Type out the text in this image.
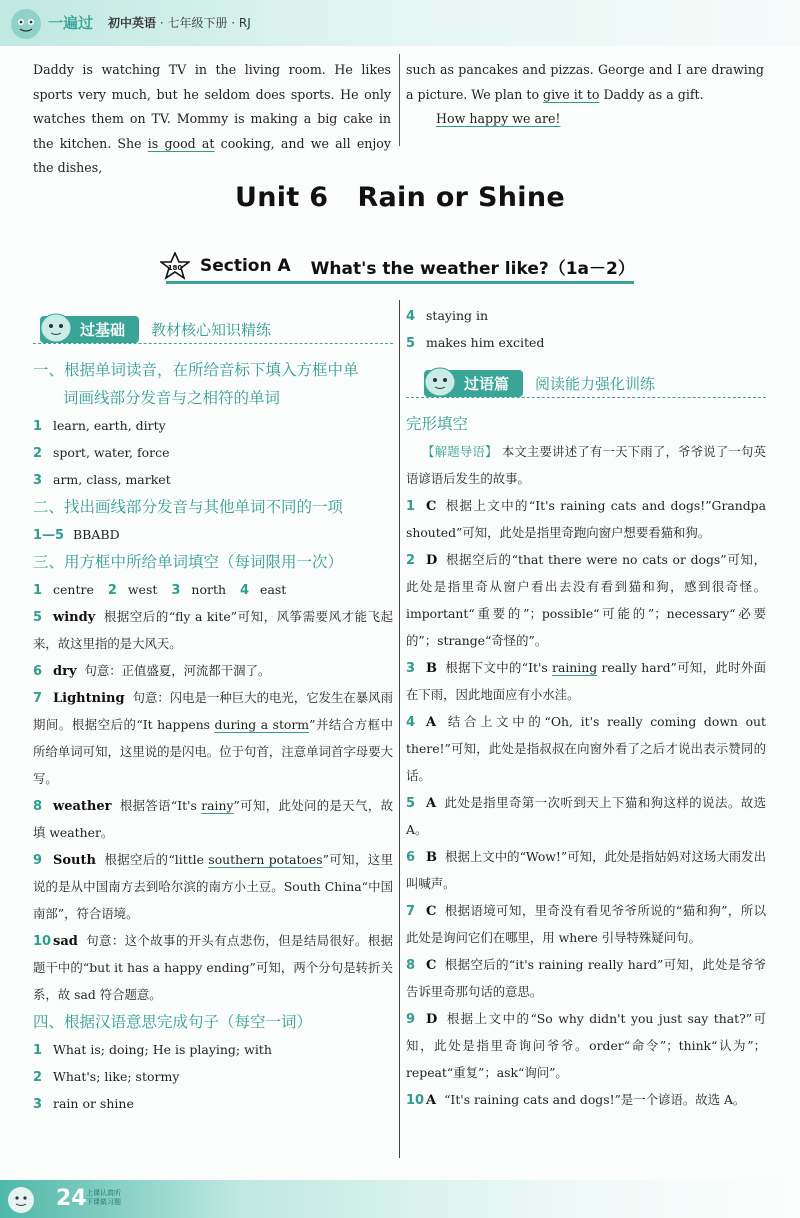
一遍过 初中英语 · 七年级下册 · RJ
Daddy is watching TV in the living room. He likes sports very much, but he seldom does sports. He only watches them on TV. Mommy is making a big cake in the kitchen. She is good at cooking, and we all enjoy the dishes,
such as pancakes and pizzas. George and I are drawing a picture. We plan to give it to Daddy as a gift.
How happy we are!
Unit 6   Rain or Shine
180 Section A What's the weather like?（1a－2）
过基础	教材核心知识精练
一、根据单词读音，在所给音标下填入方框中单
词画线部分发音与之相符的单词
1 learn, earth, dirty
2 sport, water, force
3 arm, class, market
二、找出画线部分发音与其他单词不同的一项
1—5 BBABD
三、用方框中所给单词填空（每词限用一次）
1 centre 2 west 3 north 4 east
5 windy 根据空后的“fly a kite”可知，风筝需要风才能飞起来，故这里指的是大风天。
6 dry 句意：正值盛夏，河流都干涸了。
7 Lightning 句意：闪电是一种巨大的电光，它发生在暴风雨期间。根据空后的“It happens during a storm”并结合方框中所给单词可知，这里说的是闪电。位于句首，注意单词首字母要大写。
8 weather 根据答语“It's rainy”可知，此处问的是天气，故填 weather。
9 South 根据空后的“little southern potatoes”可知，这里说的是从中国南方去到哈尔滨的南方小土豆。South China“中国南部”，符合语境。
10 sad 句意：这个故事的开头有点悲伤，但是结局很好。根据题干中的“but it has a happy ending”可知，两个分句是转折关系，故 sad 符合题意。
四、根据汉语意思完成句子（每空一词）
1 What is; doing; He is playing; with
2 What's; like; stormy
3 rain or shine
4 staying in
5 makes him excited
过语篇	阅读能力强化训练
完形填空
【解题导语】 本文主要讲述了有一天下雨了，爷爷说了一句英语谚语后发生的故事。
1 C 根据上文中的“It's raining cats and dogs!”Grandpa shouted”可知，此处是指里奇跑向窗户想要看猫和狗。
2 D 根据空后的“that there were no cats or dogs”可知，此处是指里奇从窗户看出去没有看到猫和狗，感到很奇怪。important“重要的”；possible“可能的”；necessary“必要的”；strange“奇怪的”。
3 B 根据下文中的“It's raining really hard”可知，此时外面在下雨，因此地面应有小水洼。
4 A 结合上文中的“Oh, it's really coming down out there!”可知，此处是指叔叔在向窗外看了之后才说出表示赞同的话。
5 A 此处是指里奇第一次听到天上下猫和狗这样的说法。故选 A。
6 B 根据上文中的“Wow!”可知，此处是指姑妈对这场大雨发出叫喊声。
7 C 根据语境可知，里奇没有看见爷爷所说的“猫和狗”，所以此处是询问它们在哪里，用 where 引导特殊疑问句。
8 C 根据空后的“it's raining really hard”可知，此处是爷爷告诉里奇那句话的意思。
9 D 根据上文中的“So why didn't you just say that?”可知，此处是指里奇询问爷爷。order“命令”；think“认为”；repeat“重复”；ask“询问”。
10 A “It's raining cats and dogs!”是一个谚语。故选 A。
24 上课认真听
下课做习题
